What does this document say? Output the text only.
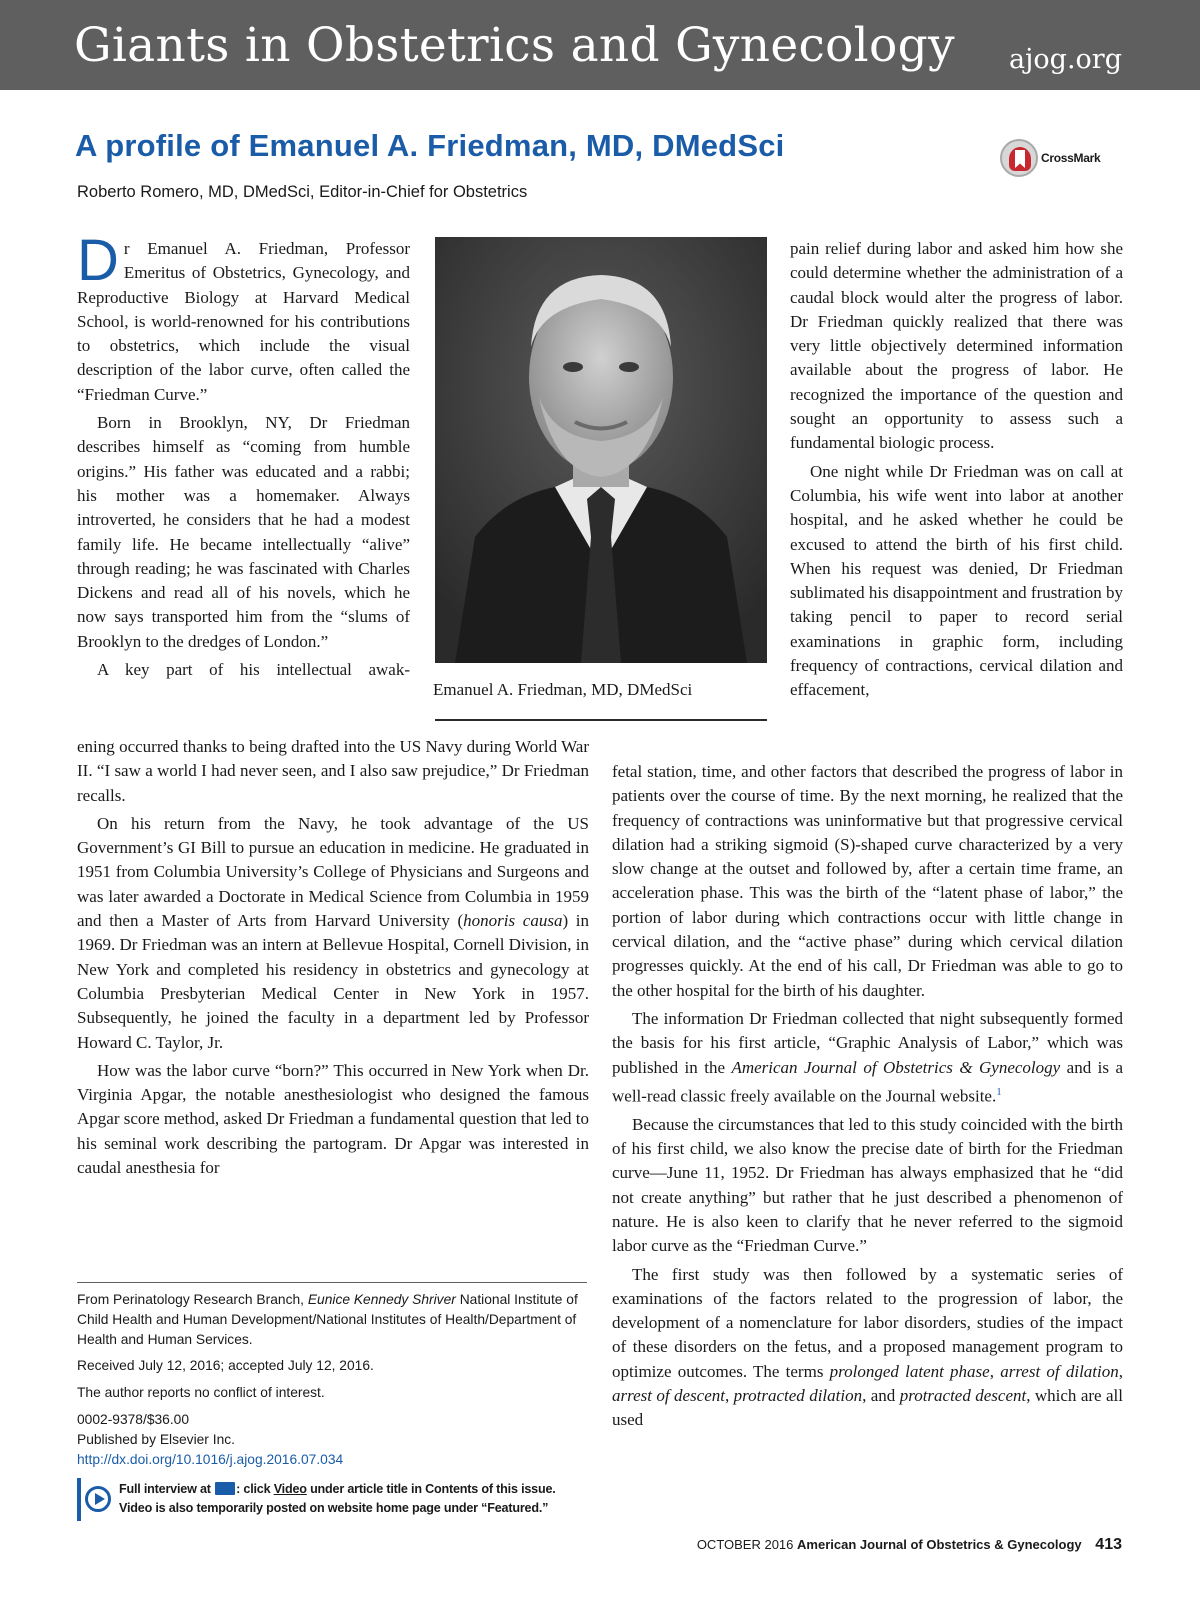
Giants in Obstetrics and Gynecology ajog.org
A profile of Emanuel A. Friedman, MD, DMedSci
Roberto Romero, MD, DMedSci, Editor-in-Chief for Obstetrics
CrossMark

Dr Emanuel A. Friedman, Professor Emeritus of Obstetrics, Gynecology, and Reproductive Biology at Harvard Medical School, is world-renowned for his contributions to obstetrics, which include the visual description of the labor curve, often called the “Friedman Curve.”

Born in Brooklyn, NY, Dr Friedman describes himself as “coming from humble origins.” His father was educated and a rabbi; his mother was a homemaker. Always introverted, he considers that he had a modest family life. He became intellectually “alive” through reading; he was fascinated with Charles Dickens and read all of his novels, which he now says transported him from the “slums of Brooklyn to the dredges of London.”

A key part of his intellectual awak-

Emanuel A. Friedman, MD, DMedSci

ening occurred thanks to being drafted into the US Navy during World War II. “I saw a world I had never seen, and I also saw prejudice,” Dr Friedman recalls.

On his return from the Navy, he took advantage of the US Government’s GI Bill to pursue an education in medicine. He graduated in 1951 from Columbia University’s College of Physicians and Surgeons and was later awarded a Doctorate in Medical Science from Columbia in 1959 and then a Master of Arts from Harvard University (honoris causa) in 1969. Dr Friedman was an intern at Bellevue Hospital, Cornell Division, in New York and completed his residency in obstetrics and gynecology at Columbia Presbyterian Medical Center in New York in 1957. Subsequently, he joined the faculty in a department led by Professor Howard C. Taylor, Jr.

How was the labor curve “born?” This occurred in New York when Dr. Virginia Apgar, the notable anesthesiologist who designed the famous Apgar score method, asked Dr Friedman a fundamental question that led to his seminal work describing the partogram. Dr Apgar was interested in caudal anesthesia for

pain relief during labor and asked him how she could determine whether the administration of a caudal block would alter the progress of labor. Dr Friedman quickly realized that there was very little objectively determined information available about the progress of labor. He recognized the importance of the question and sought an opportunity to assess such a fundamental biologic process.

One night while Dr Friedman was on call at Columbia, his wife went into labor at another hospital, and he asked whether he could be excused to attend the birth of his first child. When his request was denied, Dr Friedman sublimated his disappointment and frustration by taking pencil to paper to record serial examinations in graphic form, including frequency of contractions, cervical dilation and effacement,

fetal station, time, and other factors that described the progress of labor in patients over the course of time. By the next morning, he realized that the frequency of contractions was uninformative but that progressive cervical dilation had a striking sigmoid (S)-shaped curve characterized by a very slow change at the outset and followed by, after a certain time frame, an acceleration phase. This was the birth of the “latent phase of labor,” the portion of labor during which contractions occur with little change in cervical dilation, and the “active phase” during which cervical dilation progresses quickly. At the end of his call, Dr Friedman was able to go to the other hospital for the birth of his daughter.

The information Dr Friedman collected that night subsequently formed the basis for his first article, “Graphic Analysis of Labor,” which was published in the American Journal of Obstetrics & Gynecology and is a well-read classic freely available on the Journal website.$^1$

Because the circumstances that led to this study coincided with the birth of his first child, we also know the precise date of birth for the Friedman curve—June 11, 1952. Dr Friedman has always emphasized that he “did not create anything” but rather that he just described a phenomenon of nature. He is also keen to clarify that he never referred to the sigmoid labor curve as the “Friedman Curve.”

The first study was then followed by a systematic series of examinations of the factors related to the progression of labor, the development of a nomenclature for labor disorders, studies of the impact of these disorders on the fetus, and a proposed management program to optimize outcomes. The terms prolonged latent phase, arrest of dilation, arrest of descent, protracted dilation, and protracted descent, which are all used

From Perinatology Research Branch, Eunice Kennedy Shriver National Institute of Child Health and Human Development/National Institutes of Health/Department of Health and Human Services.
Received July 12, 2016; accepted July 12, 2016.
The author reports no conflict of interest.
0002-9378/$36.00
Published by Elsevier Inc.
http://dx.doi.org/10.1016/j.ajog.2016.07.034
Full interview at : click Video under article title in Contents of this issue.
Video is also temporarily posted on website home page under “Featured.”
OCTOBER 2016 American Journal of Obstetrics & Gynecology 413
